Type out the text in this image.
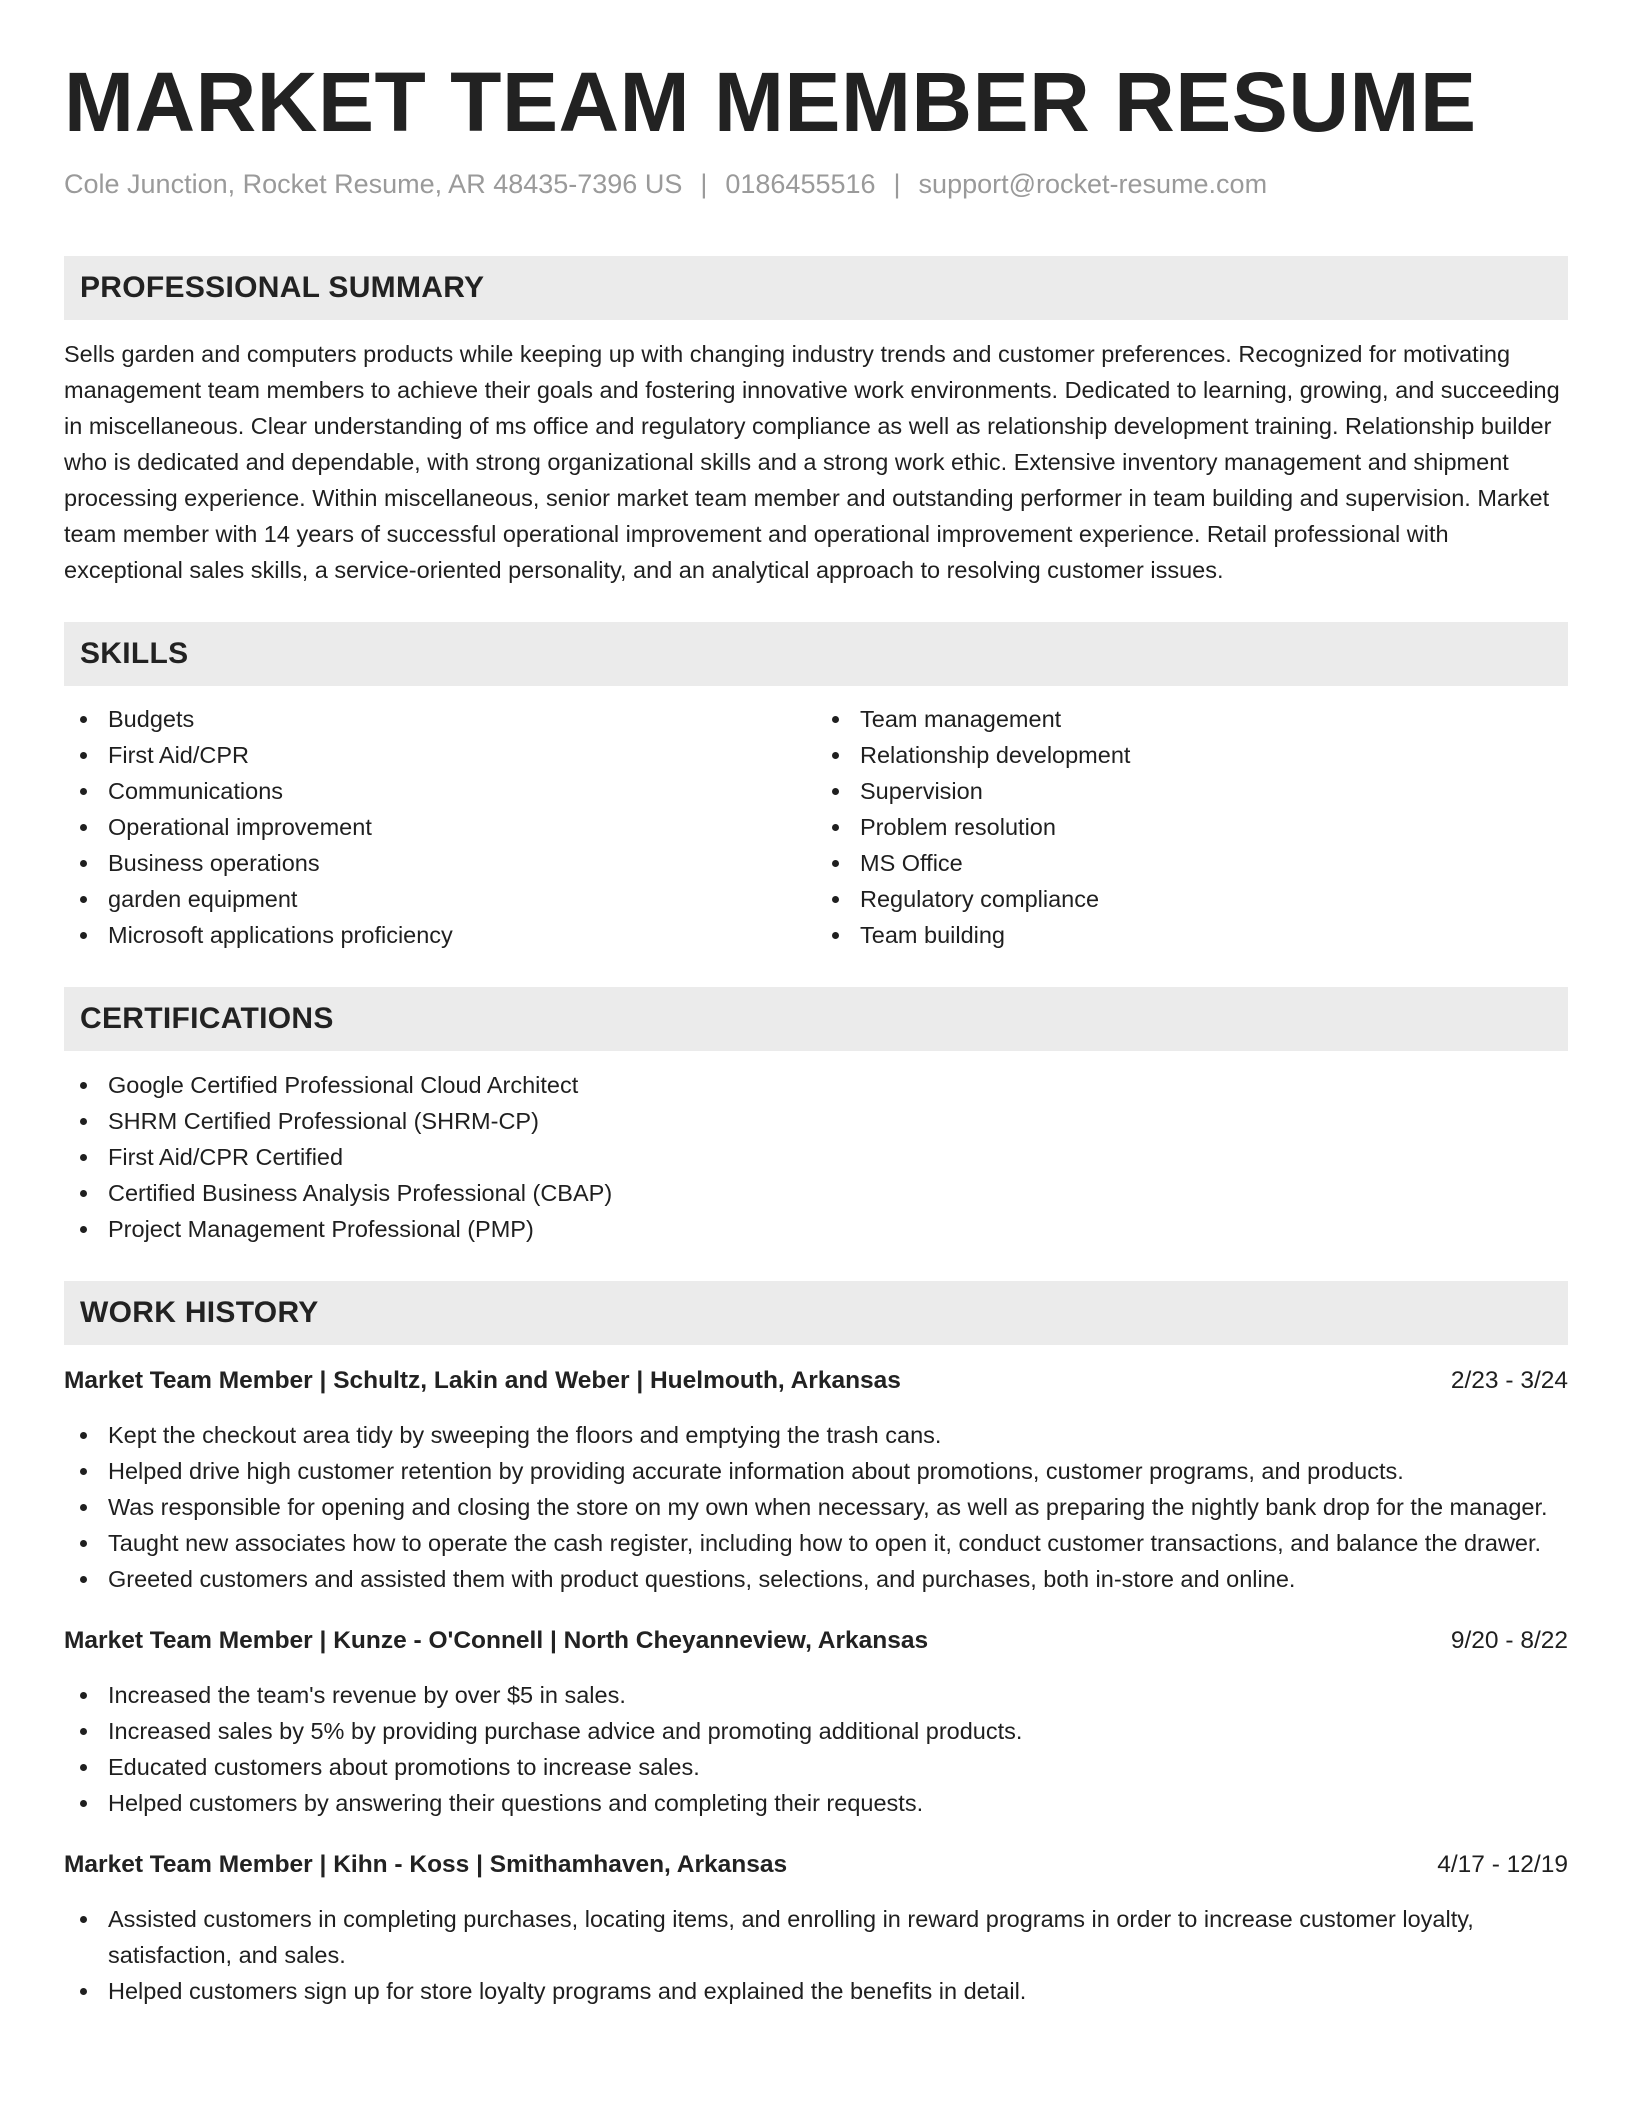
MARKET TEAM MEMBER RESUME
Cole Junction, Rocket Resume, AR 48435-7396 US | 0186455516 | support@rocket-resume.com
PROFESSIONAL SUMMARY

Sells garden and computers products while keeping up with changing industry trends and customer preferences. Recognized for motivating management team members to achieve their goals and fostering innovative work environments. Dedicated to learning, growing, and succeeding in miscellaneous. Clear understanding of ms office and regulatory compliance as well as relationship development training. Relationship builder who is dedicated and dependable, with strong organizational skills and a strong work ethic. Extensive inventory management and shipment processing experience. Within miscellaneous, senior market team member and outstanding performer in team building and supervision. Market team member with 14 years of successful operational improvement and operational improvement experience. Retail professional with exceptional sales skills, a service-oriented personality, and an analytical approach to resolving customer issues.

SKILLS
Budgets
First Aid/CPR
Communications
Operational improvement
Business operations
garden equipment
Microsoft applications proficiency
Team management
Relationship development
Supervision
Problem resolution
MS Office
Regulatory compliance
Team building
CERTIFICATIONS
Google Certified Professional Cloud Architect
SHRM Certified Professional (SHRM-CP)
First Aid/CPR Certified
Certified Business Analysis Professional (CBAP)
Project Management Professional (PMP)
WORK HISTORY
Market Team Member | Schultz, Lakin and Weber | Huelmouth, Arkansas	2/23 - 3/24
Kept the checkout area tidy by sweeping the floors and emptying the trash cans.
Helped drive high customer retention by providing accurate information about promotions, customer programs, and products.
Was responsible for opening and closing the store on my own when necessary, as well as preparing the nightly bank drop for the manager.
Taught new associates how to operate the cash register, including how to open it, conduct customer transactions, and balance the drawer.
Greeted customers and assisted them with product questions, selections, and purchases, both in-store and online.
Market Team Member | Kunze - O'Connell | North Cheyanneview, Arkansas	9/20 - 8/22
Increased the team's revenue by over $5 in sales.
Increased sales by 5% by providing purchase advice and promoting additional products.
Educated customers about promotions to increase sales.
Helped customers by answering their questions and completing their requests.
Market Team Member | Kihn - Koss | Smithamhaven, Arkansas	4/17 - 12/19
Assisted customers in completing purchases, locating items, and enrolling in reward programs in order to increase customer loyalty, satisfaction, and sales.
Helped customers sign up for store loyalty programs and explained the benefits in detail.
